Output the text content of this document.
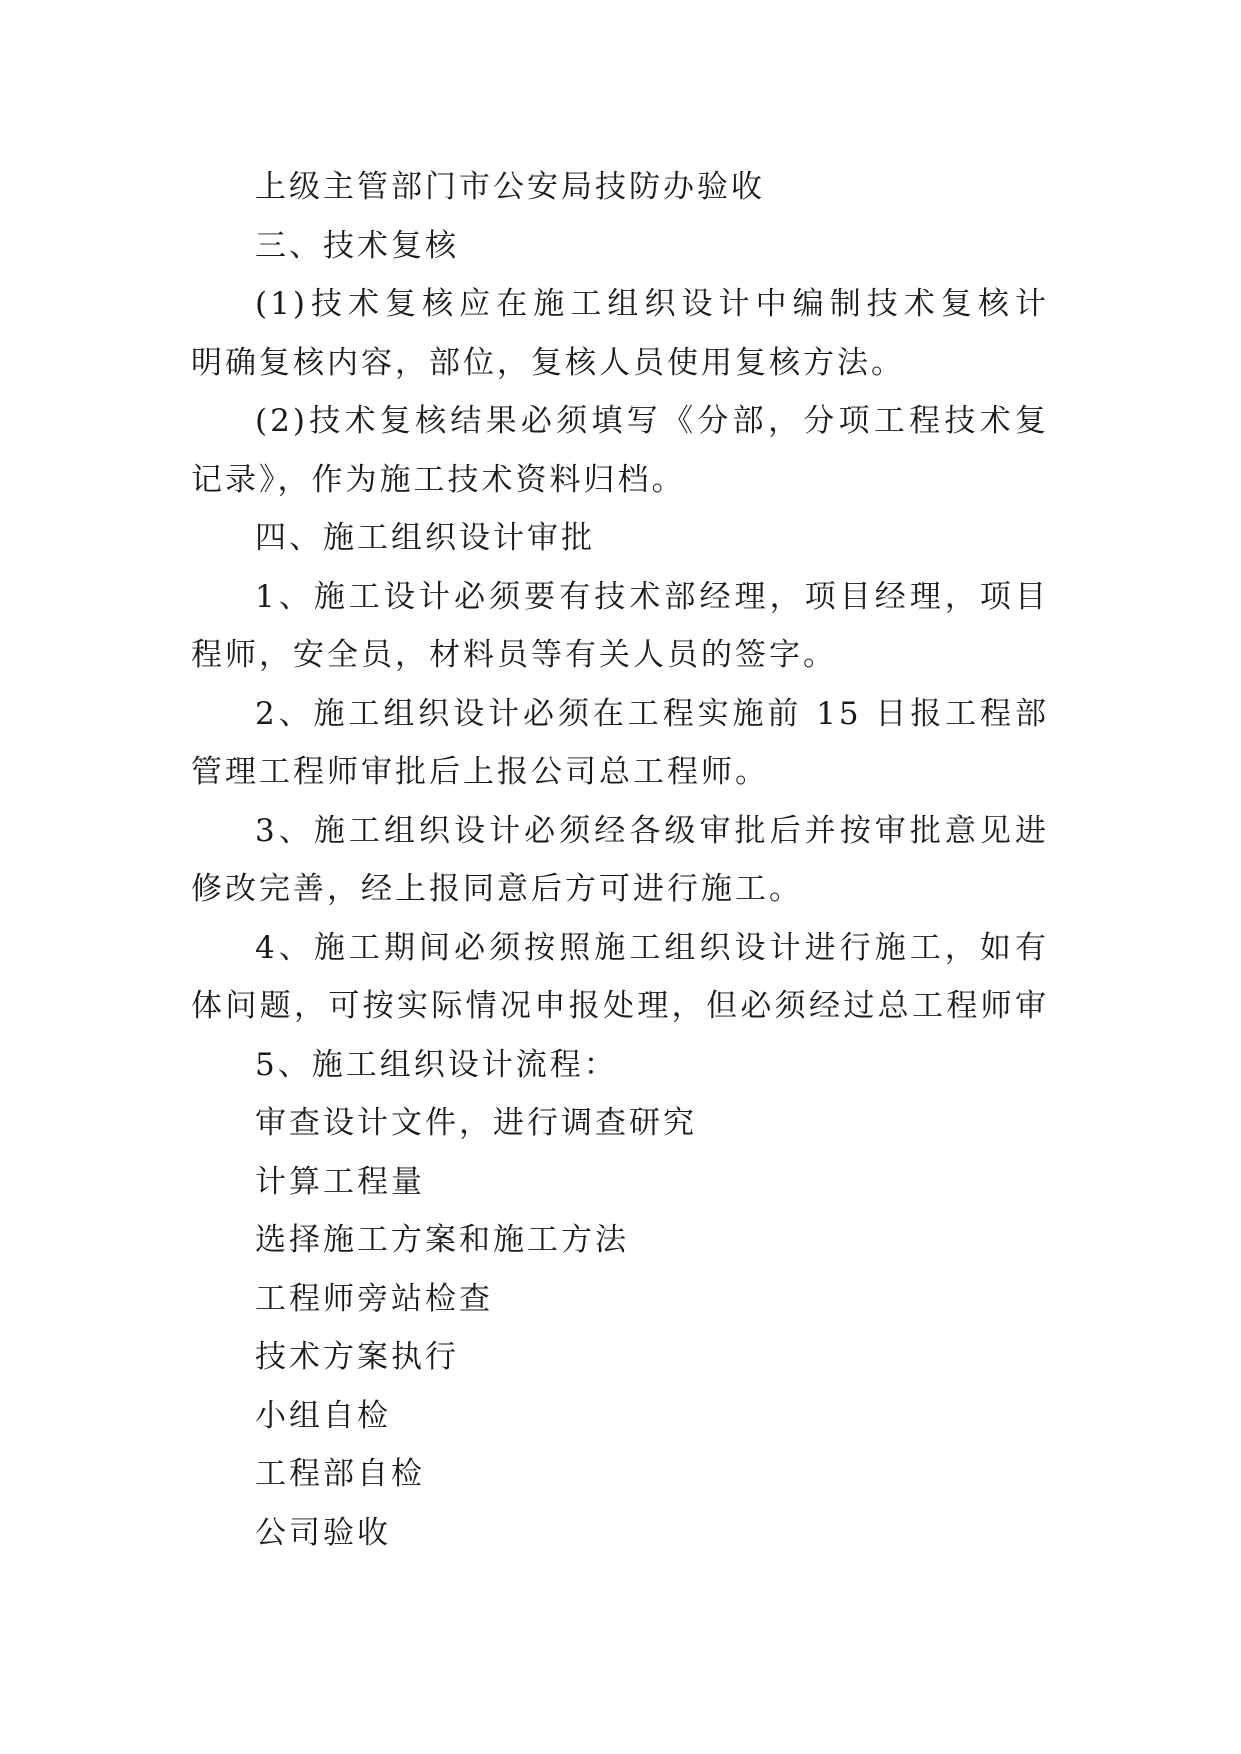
上级主管部门市公安局技防办验收
三、技术复核
(1)技术复核应在施工组织设计中编制技术复核计
明确复核内容，部位，复核人员使用复核方法。
(2)技术复核结果必须填写《分部，分项工程技术复
记录》，作为施工技术资料归档。
四、施工组织设计审批
1、施工设计必须要有技术部经理，项目经理，项目
程师，安全员，材料员等有关人员的签字。
2、施工组织设计必须在工程实施前 15 日报工程部
管理工程师审批后上报公司总工程师。
3、施工组织设计必须经各级审批后并按审批意见进
修改完善，经上报同意后方可进行施工。
4、施工期间必须按照施工组织设计进行施工，如有
体问题，可按实际情况申报处理，但必须经过总工程师审
5、施工组织设计流程：
审查设计文件，进行调查研究
计算工程量
选择施工方案和施工方法
工程师旁站检查
技术方案执行
小组自检
工程部自检
公司验收
